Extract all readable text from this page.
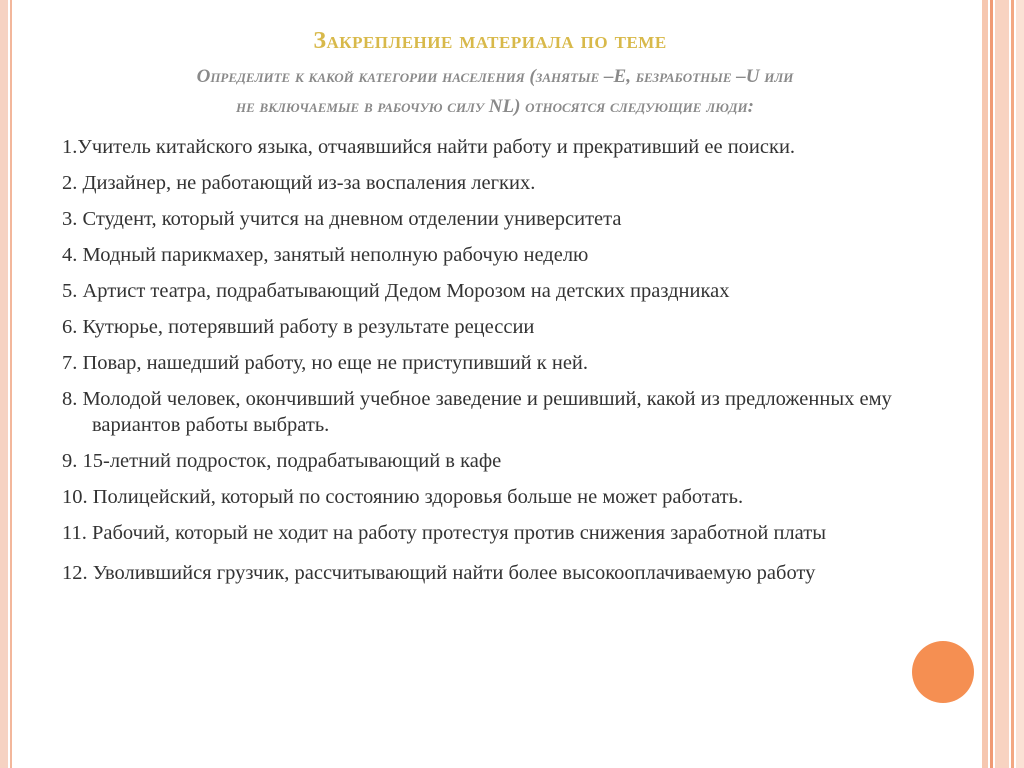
Закрепление материала по теме
Определите к какой категории населения (занятые –Е, безработные –U или
не включаемые в рабочую силу NL) относятся следующие люди:
1.Учитель китайского языка, отчаявшийся найти работу и прекративший ее поиски.
2. Дизайнер, не работающий из-за воспаления легких.
3. Студент, который учится на дневном отделении университета
4. Модный парикмахер, занятый неполную рабочую неделю
5. Артист театра, подрабатывающий Дедом Морозом на детских праздниках
6. Кутюрье, потерявший работу в результате рецессии
7. Повар, нашедший работу, но еще не приступивший к ней.
8. Молодой человек, окончивший учебное заведение и решивший, какой из предложенных ему вариантов работы выбрать.
9. 15-летний подросток, подрабатывающий в кафе
10. Полицейский, который по состоянию здоровья больше не может работать.
11. Рабочий, который не ходит на работу протестуя против снижения заработной платы
12. Уволившийся грузчик, рассчитывающий найти более высокооплачиваемую работу
